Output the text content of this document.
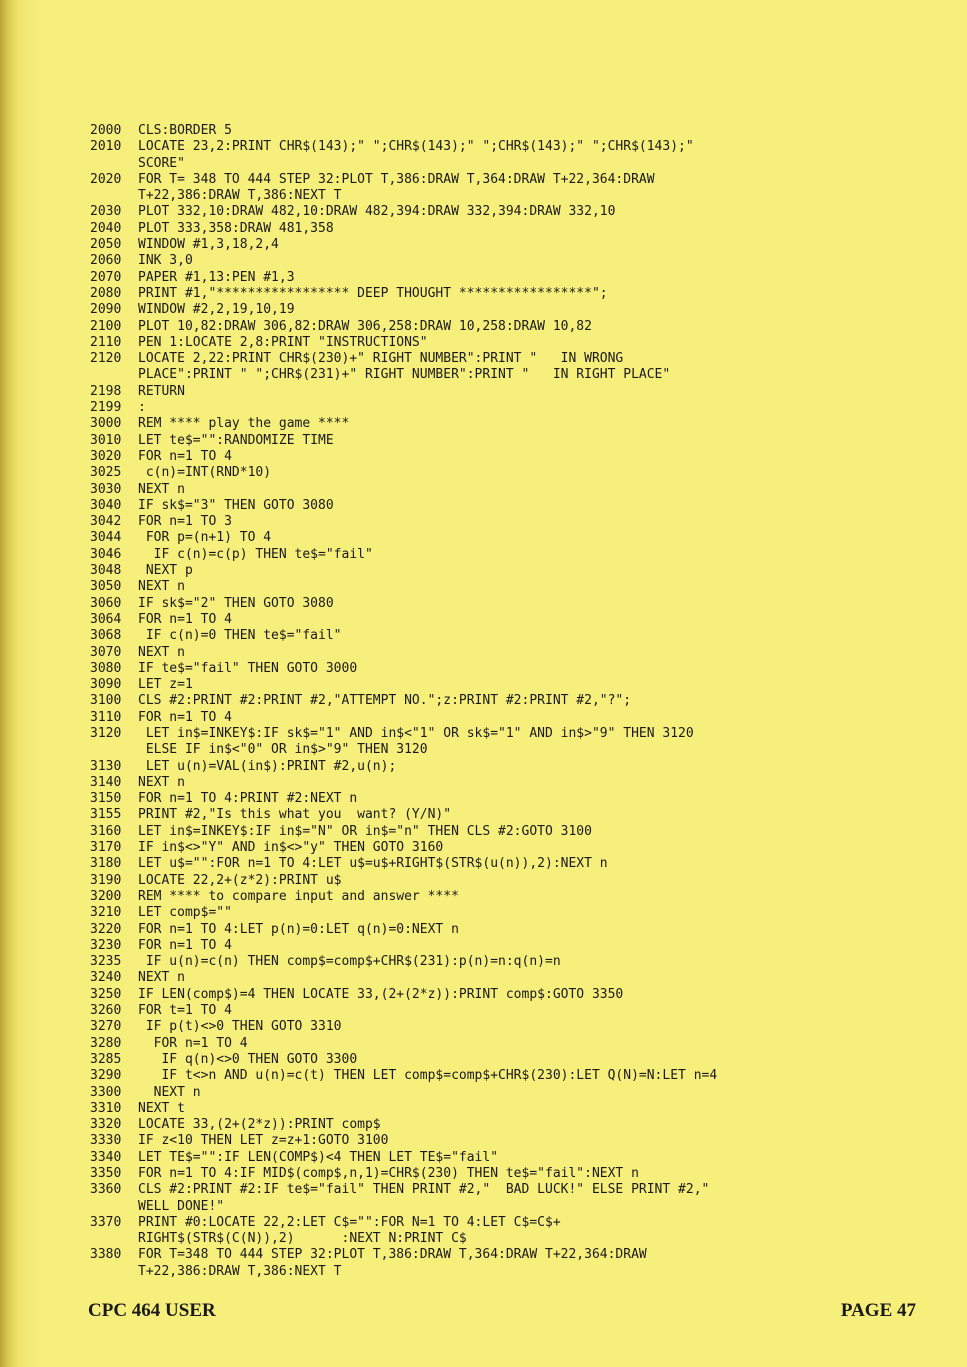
2000	CLS:BORDER 5
2010	LOCATE 23,2:PRINT CHR$(143);" ";CHR$(143);" ";CHR$(143);" ";CHR$(143);"
SCORE"
2020	FOR T= 348 TO 444 STEP 32:PLOT T,386:DRAW T,364:DRAW T+22,364:DRAW
T+22,386:DRAW T,386:NEXT T
2030	PLOT 332,10:DRAW 482,10:DRAW 482,394:DRAW 332,394:DRAW 332,10
2040	PLOT 333,358:DRAW 481,358
2050	WINDOW #1,3,18,2,4
2060	INK 3,0
2070	PAPER #1,13:PEN #1,3
2080	PRINT #1,"***************** DEEP THOUGHT *****************";
2090	WINDOW #2,2,19,10,19
2100	PLOT 10,82:DRAW 306,82:DRAW 306,258:DRAW 10,258:DRAW 10,82
2110	PEN 1:LOCATE 2,8:PRINT "INSTRUCTIONS"
2120	LOCATE 2,22:PRINT CHR$(230)+" RIGHT NUMBER":PRINT "   IN WRONG
PLACE":PRINT " ";CHR$(231)+" RIGHT NUMBER":PRINT "   IN RIGHT PLACE"
2198	RETURN
2199	:
3000	REM **** play the game ****
3010	LET te$="":RANDOMIZE TIME
3020	FOR n=1 TO 4
3025	c(n)=INT(RND*10)
3030	NEXT n
3040	IF sk$="3" THEN GOTO 3080
3042	FOR n=1 TO 3
3044	FOR p=(n+1) TO 4
3046	IF c(n)=c(p) THEN te$="fail"
3048	NEXT p
3050	NEXT n
3060	IF sk$="2" THEN GOTO 3080
3064	FOR n=1 TO 4
3068	IF c(n)=0 THEN te$="fail"
3070	NEXT n
3080	IF te$="fail" THEN GOTO 3000
3090	LET z=1
3100	CLS #2:PRINT #2:PRINT #2,"ATTEMPT NO.";z:PRINT #2:PRINT #2,"?";
3110	FOR n=1 TO 4
3120	LET in$=INKEY$:IF sk$="1" AND in$<"1" OR sk$="1" AND in$>"9" THEN 3120
ELSE IF in$<"0" OR in$>"9" THEN 3120
3130	LET u(n)=VAL(in$):PRINT #2,u(n);
3140	NEXT n
3150	FOR n=1 TO 4:PRINT #2:NEXT n
3155	PRINT #2,"Is this what you  want? (Y/N)"
3160	LET in$=INKEY$:IF in$="N" OR in$="n" THEN CLS #2:GOTO 3100
3170	IF in$<>"Y" AND in$<>"y" THEN GOTO 3160
3180	LET u$="":FOR n=1 TO 4:LET u$=u$+RIGHT$(STR$(u(n)),2):NEXT n
3190	LOCATE 22,2+(z*2):PRINT u$
3200	REM **** to compare input and answer ****
3210	LET comp$=""
3220	FOR n=1 TO 4:LET p(n)=0:LET q(n)=0:NEXT n
3230	FOR n=1 TO 4
3235	IF u(n)=c(n) THEN comp$=comp$+CHR$(231):p(n)=n:q(n)=n
3240	NEXT n
3250	IF LEN(comp$)=4 THEN LOCATE 33,(2+(2*z)):PRINT comp$:GOTO 3350
3260	FOR t=1 TO 4
3270	IF p(t)<>0 THEN GOTO 3310
3280	FOR n=1 TO 4
3285	IF q(n)<>0 THEN GOTO 3300
3290	IF t<>n AND u(n)=c(t) THEN LET comp$=comp$+CHR$(230):LET Q(N)=N:LET n=4
3300	NEXT n
3310	NEXT t
3320	LOCATE 33,(2+(2*z)):PRINT comp$
3330	IF z<10 THEN LET z=z+1:GOTO 3100
3340	LET TE$="":IF LEN(COMP$)<4 THEN LET TE$="fail"
3350	FOR n=1 TO 4:IF MID$(comp$,n,1)=CHR$(230) THEN te$="fail":NEXT n
3360	CLS #2:PRINT #2:IF te$="fail" THEN PRINT #2,"  BAD LUCK!" ELSE PRINT #2,"
WELL DONE!"
3370	PRINT #0:LOCATE 22,2:LET C$="":FOR N=1 TO 4:LET C$=C$+
RIGHT$(STR$(C(N)),2)      :NEXT N:PRINT C$
3380	FOR T=348 TO 444 STEP 32:PLOT T,386:DRAW T,364:DRAW T+22,364:DRAW
T+22,386:DRAW T,386:NEXT T
CPC 464 USER	PAGE 47
